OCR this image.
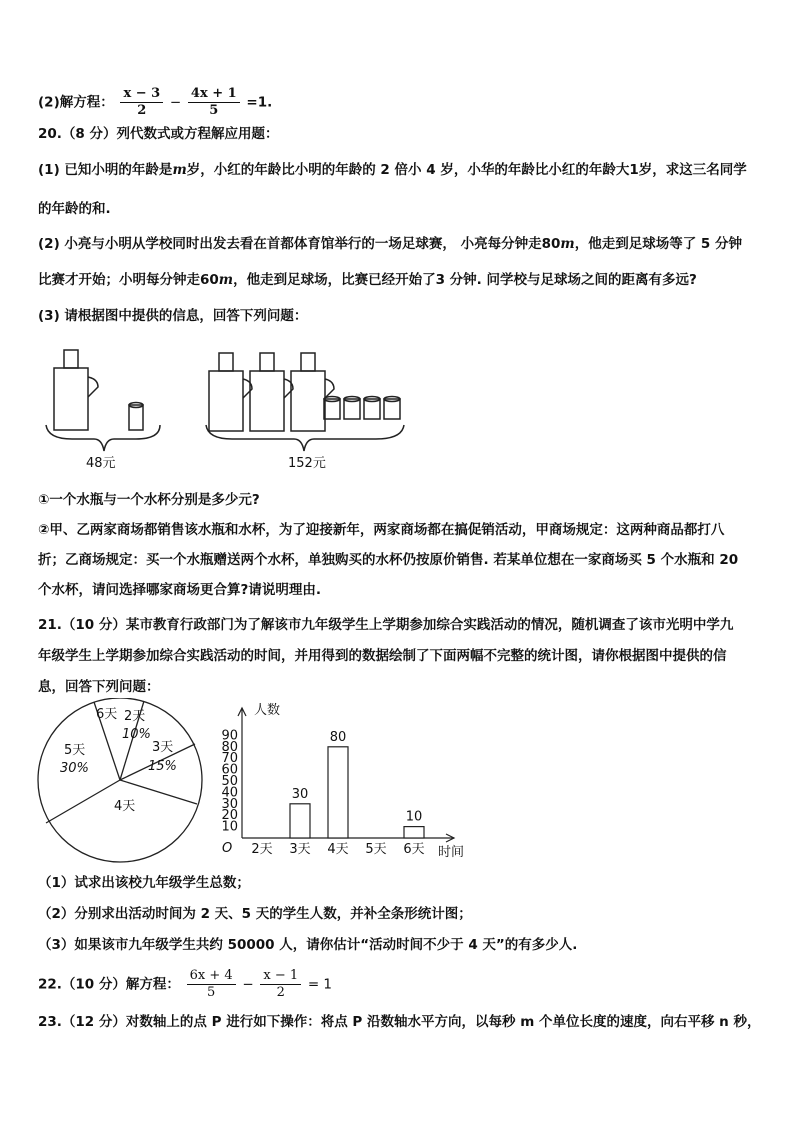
(2)解方程： $\frac{x - 3}{2} - \frac{4x + 1}{5} =1$.
20.（8 分）列代数式或方程解应用题：
(1) 已知小明的年龄是m岁，小红的年龄比小明的年龄的 2 倍小 4 岁，小华的年龄比小红的年龄大1岁，求这三名同学
的年龄的和.
(2) 小亮与小明从学校同时出发去看在首都体育馆举行的一场足球赛， 小亮每分钟走80m，他走到足球场等了 5 分钟
比赛才开始；小明每分钟走60m，他走到足球场，比赛已经开始了3 分钟. 问学校与足球场之间的距离有多远?
(3) 请根据图中提供的信息，回答下列问题：
48元	152元
①一个水瓶与一个水杯分别是多少元?
②甲、乙两家商场都销售该水瓶和水杯，为了迎接新年，两家商场都在搞促销活动，甲商场规定：这两种商品都打八
折；乙商场规定：买一个水瓶赠送两个水杯，单独购买的水杯仍按原价销售. 若某单位想在一家商场买 5 个水瓶和 20
个水杯，请问选择哪家商场更合算?请说明理由.
21.（10 分）某市教育行政部门为了解该市九年级学生上学期参加综合实践活动的情况，随机调查了该市光明中学九
年级学生上学期参加综合实践活动的时间，并用得到的数据绘制了下面两幅不完整的统计图，请你根据图中提供的信
息，回答下列问题：
6天 2天
10%
3天
15%
5天
30%
4天
10
20
30
40
50
60
70
80
90
人数
O 2天 3天
30
4天
80
5天 6天
10
时间
（1）试求出该校九年级学生总数；
（2）分别求出活动时间为 2 天、5 天的学生人数，并补全条形统计图；
（3）如果该市九年级学生共约 50000 人，请你估计“活动时间不少于 4 天”的有多少人.
22.（10 分）解方程： $\frac{6x + 4}{5} - \frac{x - 1}{2} = 1$
23.（12 分）对数轴上的点 P 进行如下操作：将点 P 沿数轴水平方向，以每秒 m 个单位长度的速度，向右平移 n 秒，
